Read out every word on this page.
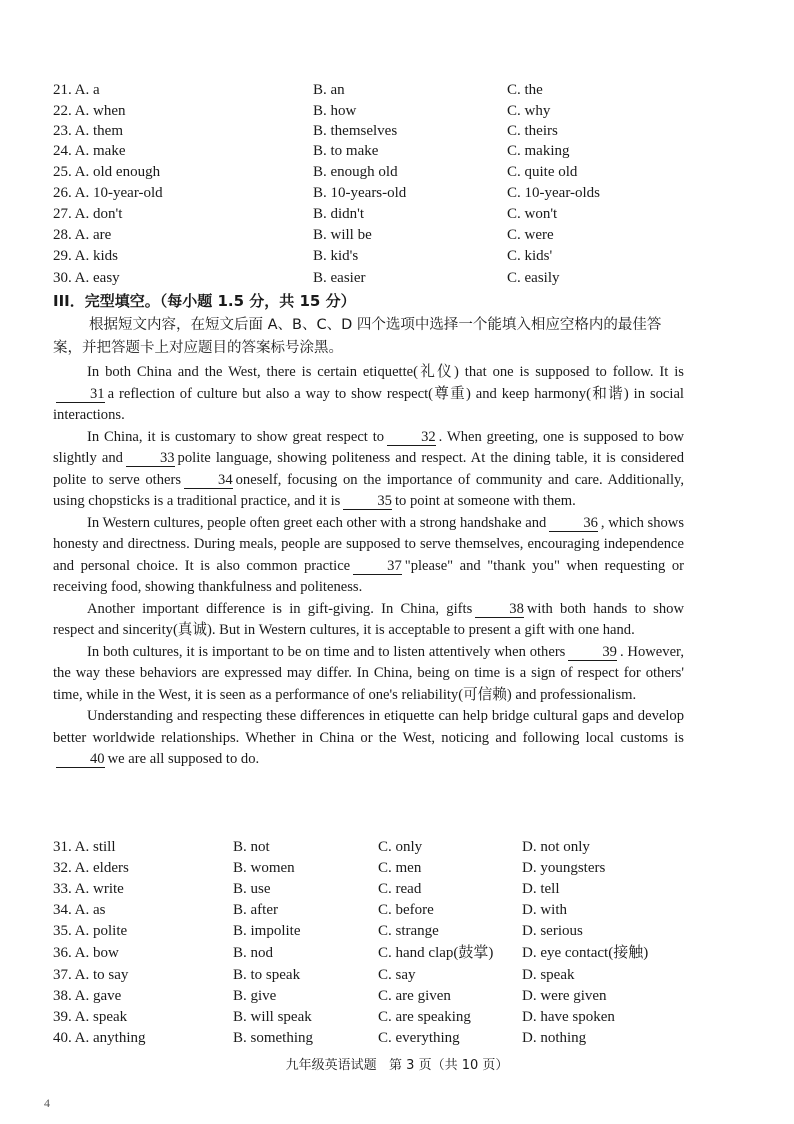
21. A. a	B. an	C. the
22. A. when	B. how	C. why
23. A. them	B. themselves	C. theirs
24. A. make	B. to make	C. making
25. A. old enough	B. enough old	C. quite old
26. A. 10-year-old	B. 10-years-old	C. 10-year-olds
27. A. don't	B. didn't	C. won't
28. A. are	B. will be	C. were
29. A. kids	B. kid's	C. kids'
30. A. easy	B. easier	C. easily
III．完型填空。（每小题 1.5 分，共 15 分）
根据短文内容，在短文后面 A、B、C、D 四个选项中选择一个能填入相应空格内的最佳答案，并把答题卡上对应题目的答案标号涂黑。

In both China and the West, there is certain etiquette(礼仪) that one is supposed to follow. It is31 a reflection of culture but also a way to show respect(尊重) and keep harmony(和谐) in social interactions.

In China, it is customary to show great respect to	32 . When greeting, one is supposed to bow slightly and	33 polite language, showing politeness and respect. At the dining table, it is considered polite to serve others	34 oneself, focusing on the importance of community and care. Additionally, using chopsticks is a traditional practice, and it is	35 to point at someone with them.

In Western cultures, people often greet each other with a strong handshake and	36 , which shows honesty and directness. During meals, people are supposed to serve themselves, encouraging independence and personal choice. It is also common practice	37 "please" and "thank you" when requesting or receiving food, showing thankfulness and politeness.

Another important difference is in gift-giving. In China, gifts	38 with both hands to show respect and sincerity(真诚). But in Western cultures, it is acceptable to present a gift with one hand.

In both cultures, it is important to be on time and to listen attentively when others	39 . However, the way these behaviors are expressed may differ. In China, being on time is a sign of respect for others' time, while in the West, it is seen as a performance of one's reliability(可信赖) and professionalism.

Understanding and respecting these differences in etiquette can help bridge cultural gaps and develop better worldwide relationships. Whether in China or the West, noticing and following local customs is40 we are all supposed to do.

31. A. still	B. not	C. only	D. not only
32. A. elders	B. women	C. men	D. youngsters
33. A. write	B. use	C. read	D. tell
34. A. as	B. after	C. before	D. with
35. A. polite	B. impolite	C. strange	D. serious
36. A. bow	B. nod	C. hand clap(鼓掌) D. eye contact(接触)
37. A. to say	B. to speak	C. say	D. speak
38. A. gave	B. give	C. are given	D. were given
39. A. speak	B. will speak	C. are speaking	D. have spoken
40. A. anything	B. something	C. everything	D. nothing
九年级英语试题 第 3 页（共 10 页）
4
